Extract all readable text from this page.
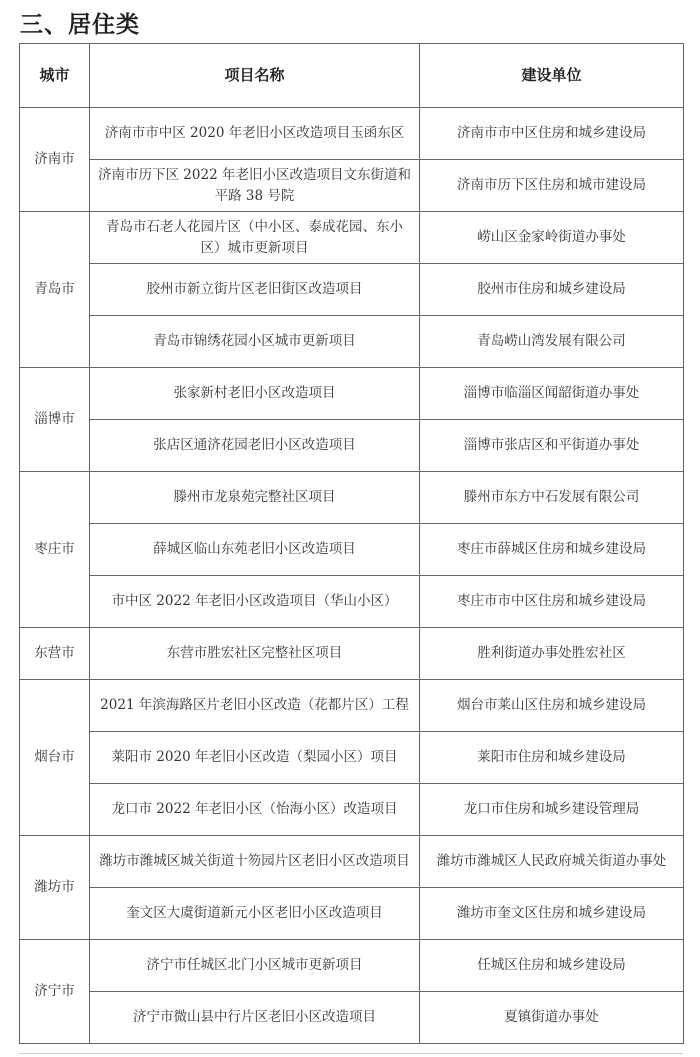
三、居住类
城市	项目名称	建设单位
济南市	济南市市中区 2020 年老旧小区改造项目玉函东区	济南市市中区住房和城乡建设局
	济南市历下区 2022 年老旧小区改造项目文东街道和平路 38 号院	济南市历下区住房和城市建设局
青岛市	青岛市石老人花园片区（中小区、泰成花园、东小区）城市更新项目	崂山区金家岭街道办事处
	胶州市新立街片区老旧街区改造项目	胶州市住房和城乡建设局
	青岛市锦绣花园小区城市更新项目	青岛崂山湾发展有限公司
淄博市	张家新村老旧小区改造项目	淄博市临淄区闻韶街道办事处
	张店区通济花园老旧小区改造项目	淄博市张店区和平街道办事处
枣庄市	滕州市龙泉苑完整社区项目	滕州市东方中石发展有限公司
	薛城区临山东苑老旧小区改造项目	枣庄市薛城区住房和城乡建设局
	市中区 2022 年老旧小区改造项目（华山小区）	枣庄市市中区住房和城乡建设局
东营市	东营市胜宏社区完整社区项目	胜利街道办事处胜宏社区
烟台市	2021 年滨海路区片老旧小区改造（花都片区）工程	烟台市莱山区住房和城乡建设局
	莱阳市 2020 年老旧小区改造（梨园小区）项目	莱阳市住房和城乡建设局
	龙口市 2022 年老旧小区（怡海小区）改造项目	龙口市住房和城乡建设管理局
潍坊市	潍坊市潍城区城关街道十笏园片区老旧小区改造项目	潍坊市潍城区人民政府城关街道办事处
	奎文区大虞街道新元小区老旧小区改造项目	潍坊市奎文区住房和城乡建设局
济宁市	济宁市任城区北门小区城市更新项目	任城区住房和城乡建设局
	济宁市微山县中行片区老旧小区改造项目	夏镇街道办事处
